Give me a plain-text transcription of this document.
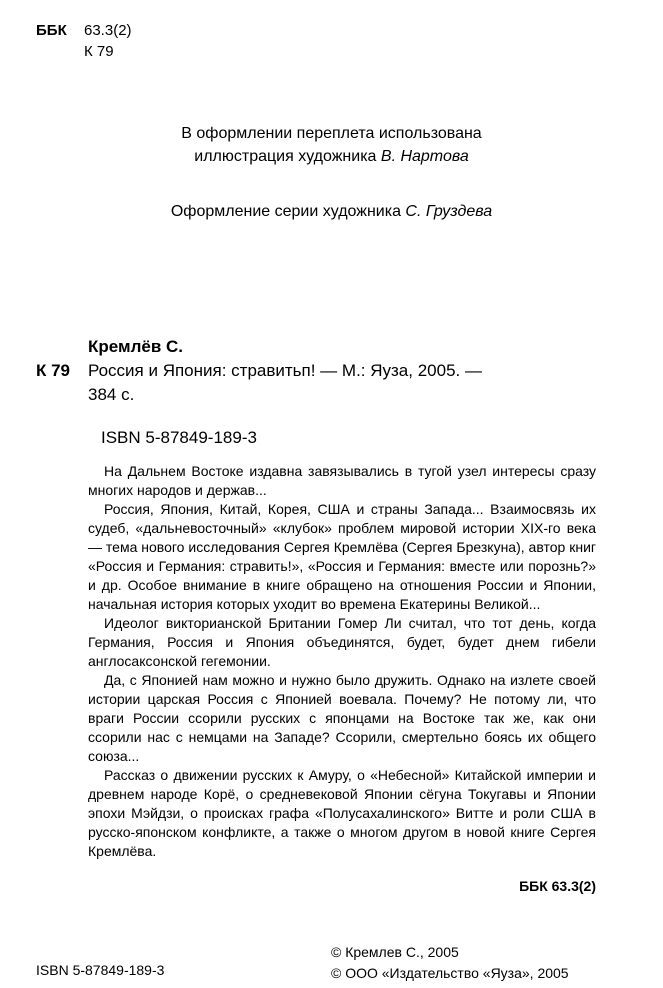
ББК	63.3(2)
К 79
В оформлении переплета использована
иллюстрация художника В. Нартова
Оформление серии художника С. Груздева
Кремлёв С.
К 79 Россия и Япония: стравитьп! — М.: Яуза, 2005. —
384 с.
ISBN 5-87849-189-3

На Дальнем Востоке издавна завязывались в тугой узел интересы сразу многих народов и держав...

Россия, Япония, Китай, Корея, США и страны Запада... Взаимосвязь их судеб, «дальневосточный» «клубок» проблем мировой истории XIX-го века — тема нового исследования Сергея Кремлёва (Сергея Брезкуна), автор книг «Россия и Германия: стравить!», «Россия и Германия: вместе или порознь?» и др. Особое внимание в книге обращено на отношения России и Японии, начальная история которых уходит во времена Екатерины Великой...

Идеолог викторианской Британии Гомер Ли считал, что тот день, когда Германия, Россия и Япония объединятся, будет, будет днем гибели англосаксонской гегемонии.

Да, с Японией нам можно и нужно было дружить. Однако на излете своей истории царская Россия с Японией воевала. Почему? Не потому ли, что враги России ссорили русских с японцами на Востоке так же, как они ссорили нас с немцами на Западе? Ссорили, смертельно боясь их общего союза...

Рассказ о движении русских к Амуру, о «Небесной» Китайской империи и древнем народе Корё, о средневековой Японии сёгуна Токугавы и Японии эпохи Мэйдзи, о происках графа «Полусахалинского» Витте и роли США в русско-японском конфликте, а также о многом другом в новой книге Сергея Кремлёва.

ББК 63.3(2)
ISBN 5-87849-189-3
© Кремлев С., 2005
© ООО «Издательство «Яуза», 2005
